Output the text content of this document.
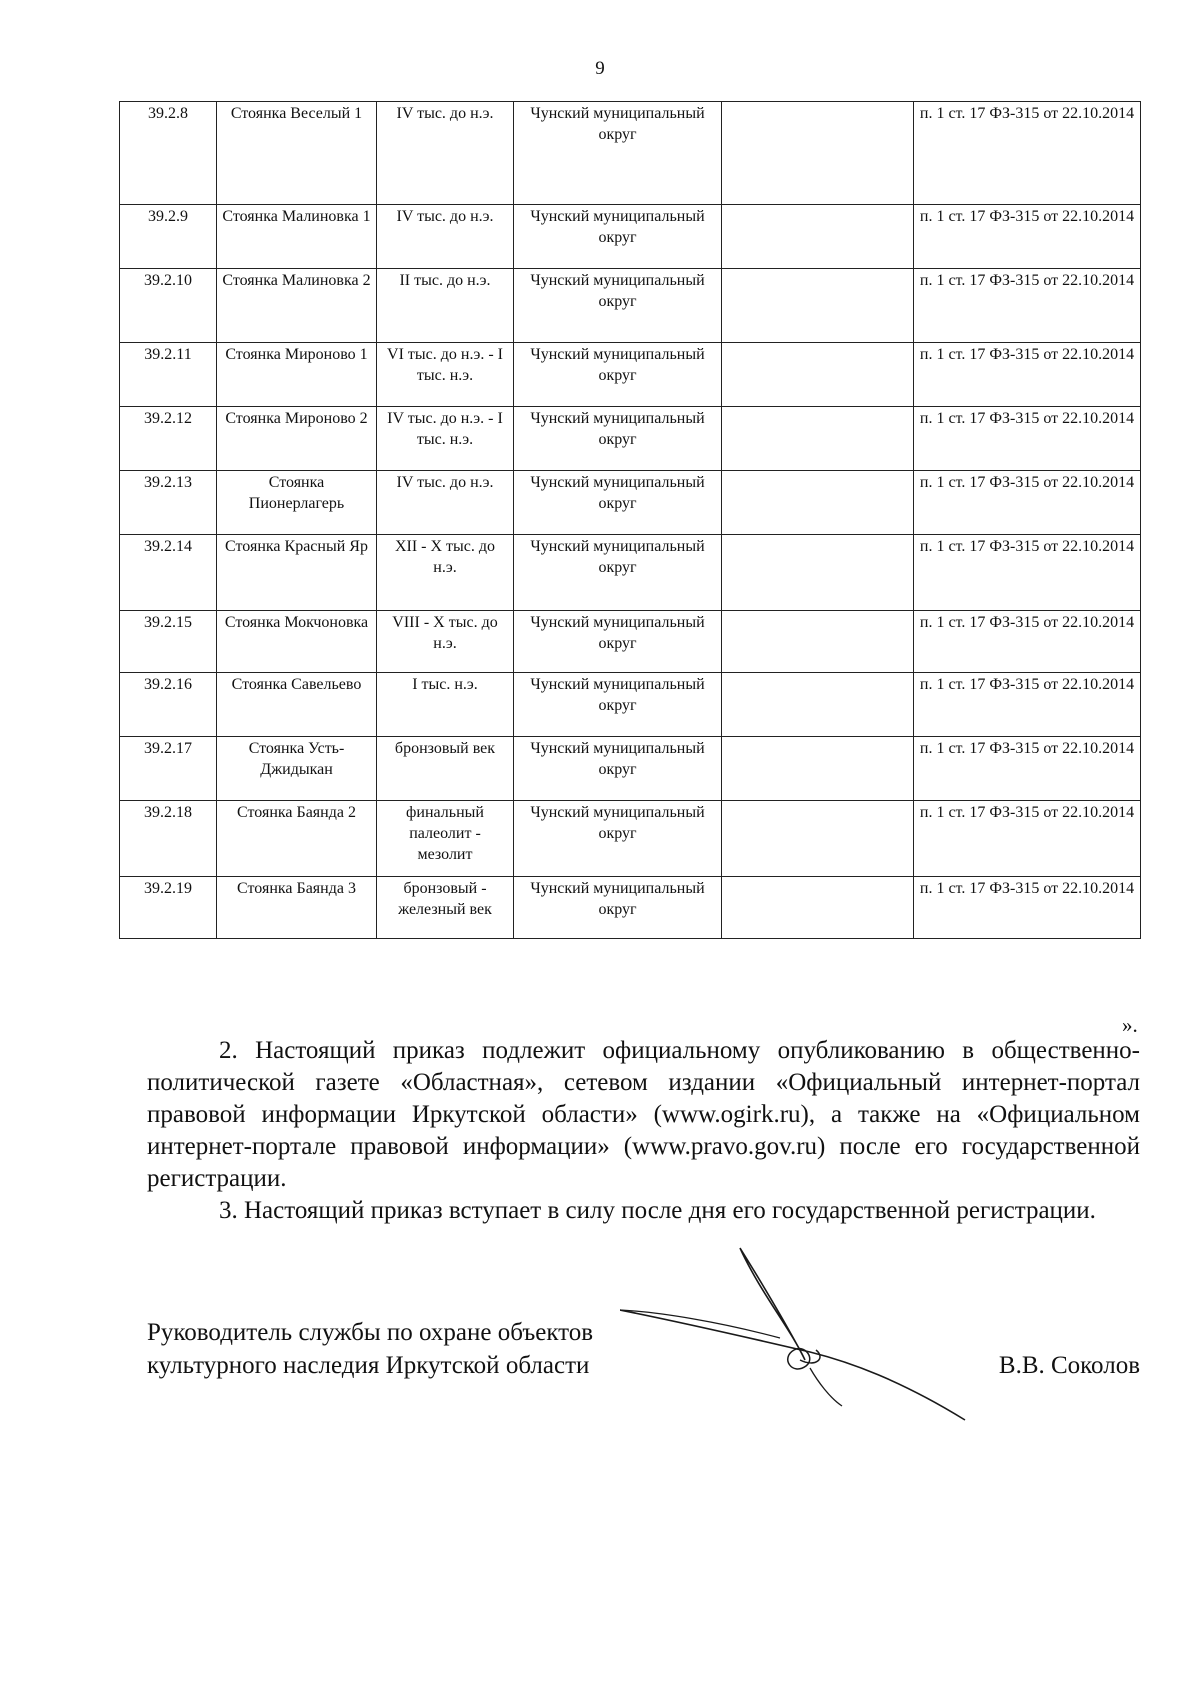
9
39.2.8	Стоянка Веселый 1	IV тыс. до н.э.	Чунский муниципальный округ		п. 1 ст. 17 ФЗ-315 от 22.10.2014
39.2.9	Стоянка Малиновка 1	IV тыс. до н.э.	Чунский муниципальный округ		п. 1 ст. 17 ФЗ-315 от 22.10.2014
39.2.10	Стоянка Малиновка 2	II тыс. до н.э.	Чунский муниципальный округ		п. 1 ст. 17 ФЗ-315 от 22.10.2014
39.2.11	Стоянка Мироново 1	VI тыс. до н.э. - I тыс. н.э.	Чунский муниципальный округ		п. 1 ст. 17 ФЗ-315 от 22.10.2014
39.2.12	Стоянка Мироново 2	IV тыс. до н.э. - I тыс. н.э.	Чунский муниципальный округ		п. 1 ст. 17 ФЗ-315 от 22.10.2014
39.2.13	Стоянка Пионерлагерь	IV тыс. до н.э.	Чунский муниципальный округ		п. 1 ст. 17 ФЗ-315 от 22.10.2014
39.2.14	Стоянка Красный Яр	XII - X тыс. до н.э.	Чунский муниципальный округ		п. 1 ст. 17 ФЗ-315 от 22.10.2014
39.2.15	Стоянка Мокчоновка	VIII - X тыс. до н.э.	Чунский муниципальный округ		п. 1 ст. 17 ФЗ-315 от 22.10.2014
39.2.16	Стоянка Савельево	I тыс. н.э.	Чунский муниципальный округ		п. 1 ст. 17 ФЗ-315 от 22.10.2014
39.2.17	Стоянка Усть-Джидыкан	бронзовый век	Чунский муниципальный округ		п. 1 ст. 17 ФЗ-315 от 22.10.2014
39.2.18	Стоянка Баянда 2	финальный палеолит - мезолит	Чунский муниципальный округ		п. 1 ст. 17 ФЗ-315 от 22.10.2014
39.2.19	Стоянка Баянда 3	бронзовый - железный век	Чунский муниципальный округ		п. 1 ст. 17 ФЗ-315 от 22.10.2014
».

2. Настоящий приказ подлежит официальному опубликованию в общественно-политической газете «Областная», сетевом издании «Официальный интернет-портал правовой информации Иркутской области» (www.ogirk.ru), а также на «Официальном интернет-портале правовой информации» (www.pravo.gov.ru) после его государственной регистрации.

3. Настоящий приказ вступает в силу после дня его государственной регистрации.

Руководитель службы по охране объектов
культурного наследия Иркутской области	В.В. Соколов
